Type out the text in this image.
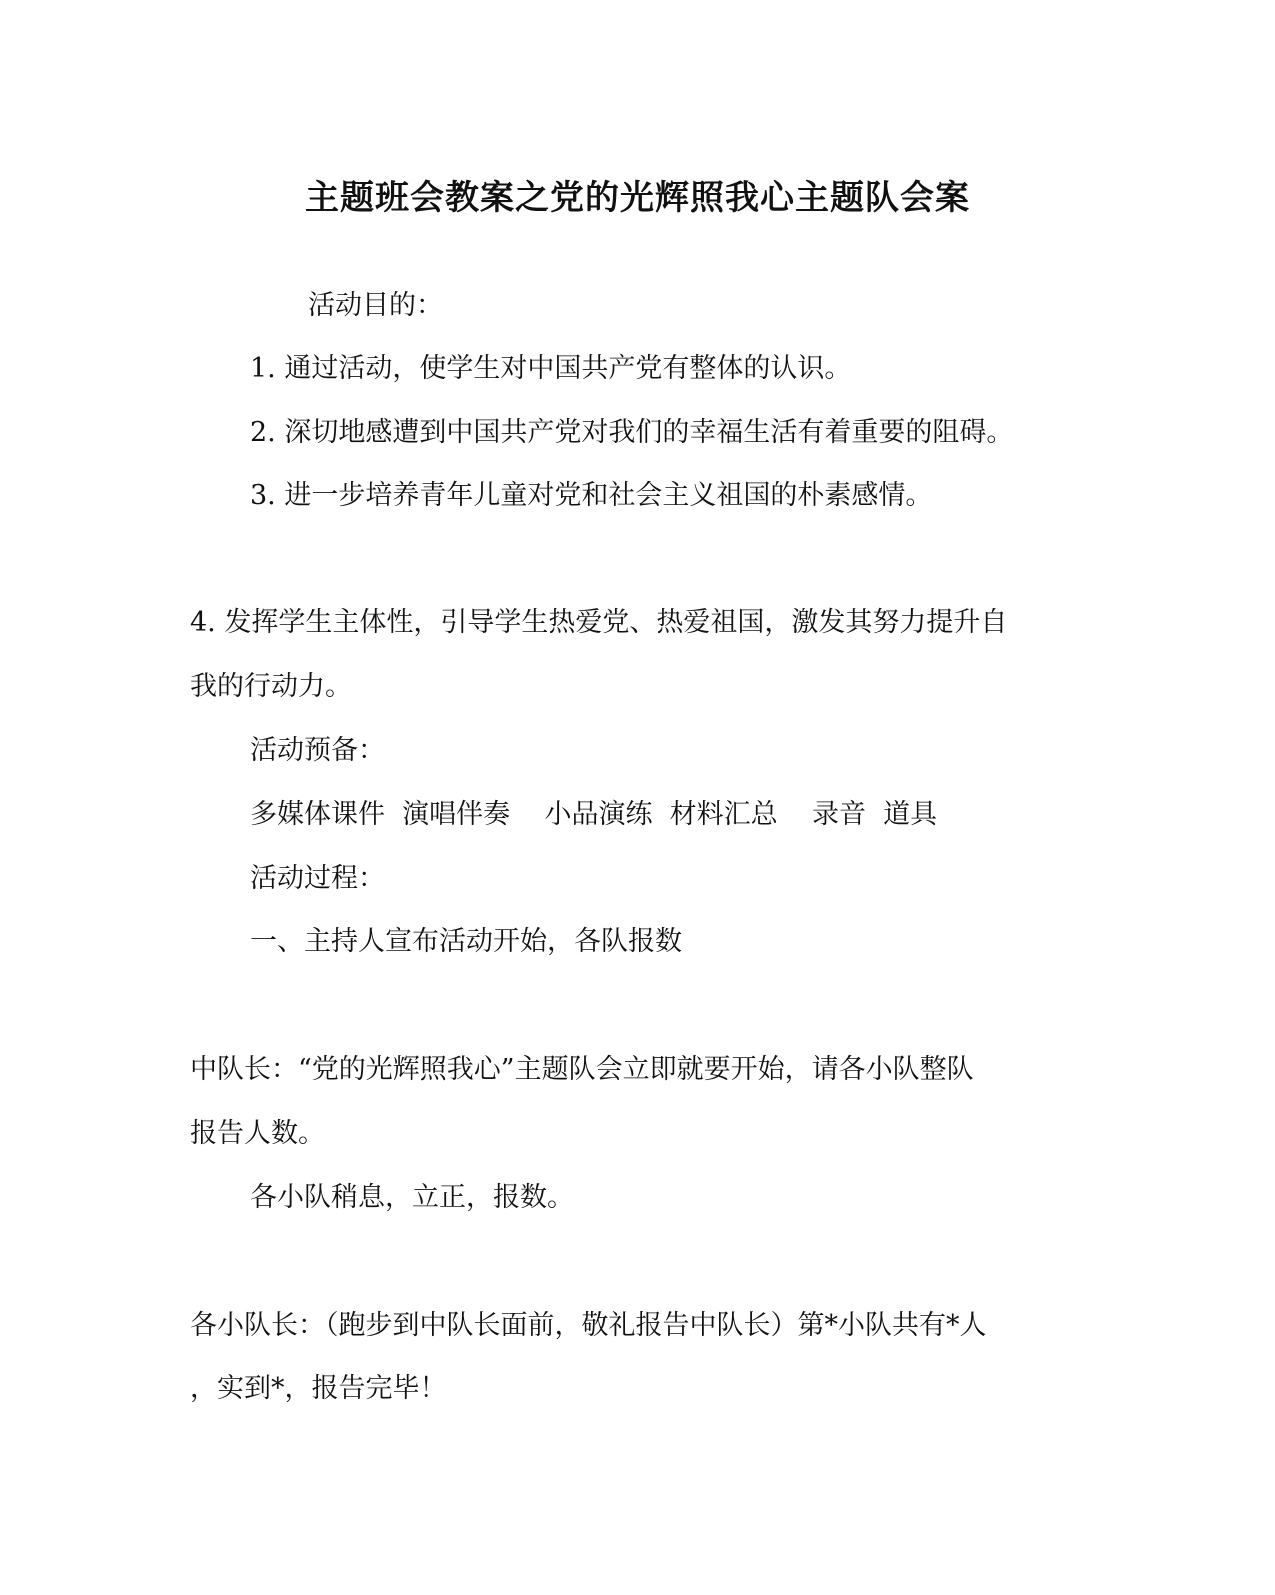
主题班会教案之党的光辉照我心主题队会案
活动目的：
1. 通过活动，使学生对中国共产党有整体的认识。
2. 深切地感遭到中国共产党对我们的幸福生活有着重要的阻碍。
3. 进一步培养青年儿童对党和社会主义祖国的朴素感情。
4. 发挥学生主体性，引导学生热爱党、热爱祖国，激发其努力提升自
我的行动力。
活动预备：
多媒体课件  演唱伴奏    小品演练  材料汇总    录音  道具
活动过程：
一、主持人宣布活动开始，各队报数
中队长：“党的光辉照我心”主题队会立即就要开始，请各小队整队
报告人数。
各小队稍息，立正，报数。
各小队长：（跑步到中队长面前，敬礼报告中队长）第*小队共有*人
，实到*，报告完毕！
